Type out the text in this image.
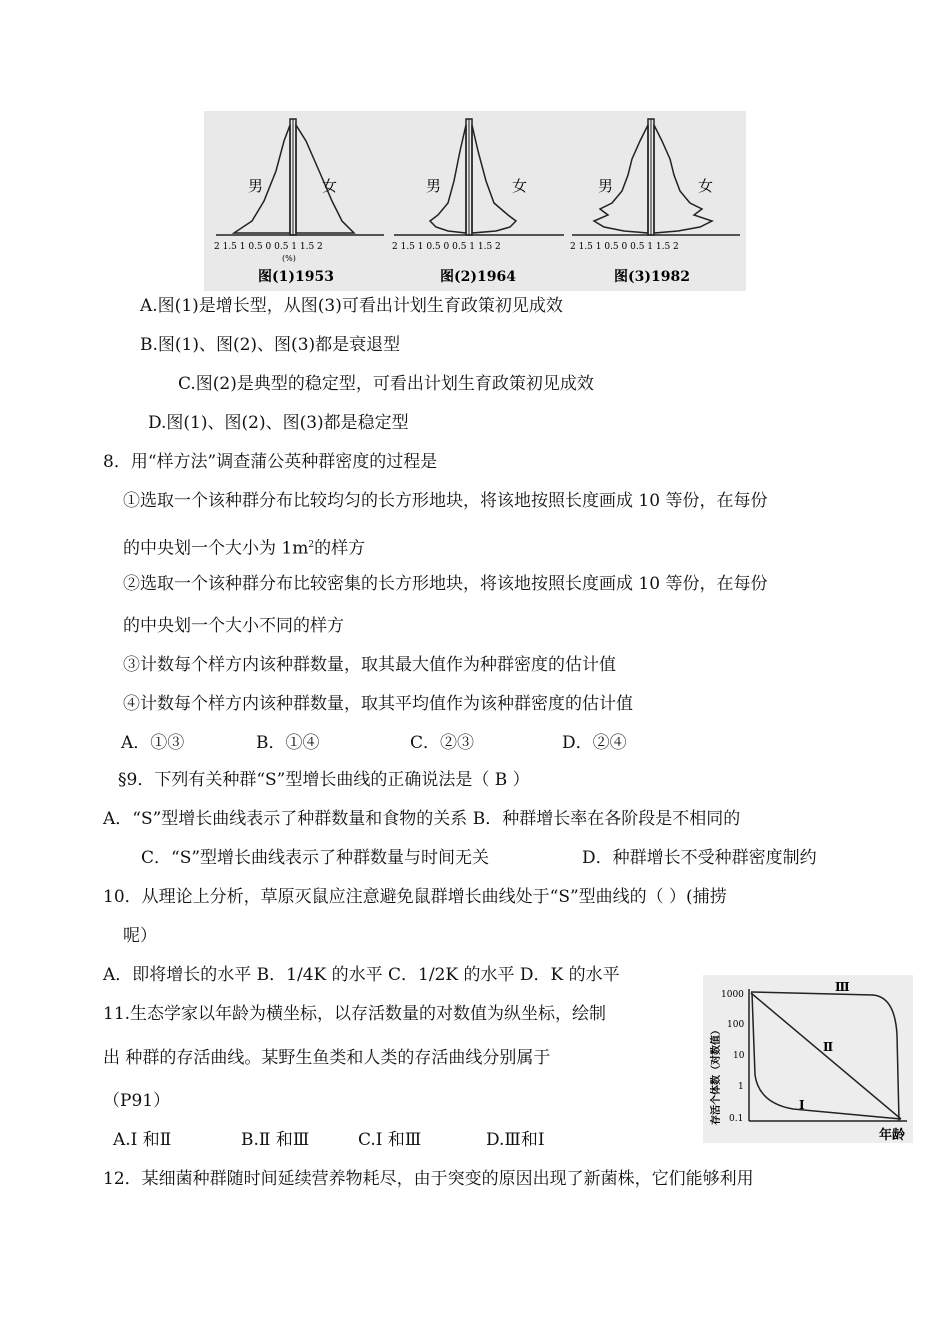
男	女
2 1.5 1 0.5 0 0.5 1 1.5 2
(%)
图(1)1953
男	女
2 1.5 1 0.5 0 0.5 1 1.5 2
图(2)1964
男	女
2 1.5 1 0.5 0 0.5 1 1.5 2
图(3)1982
A.图(1)是增长型，从图(3)可看出计划生育政策初见成效
B.图(1)、图(2)、图(3)都是衰退型
C.图(2)是典型的稳定型，可看出计划生育政策初见成效
D.图(1)、图(2)、图(3)都是稳定型
8．用“样方法”调查蒲公英种群密度的过程是
①选取一个该种群分布比较均匀的长方形地块，将该地按照长度画成 10 等份，在每份
的中央划一个大小为 $1m^2$的样方
②选取一个该种群分布比较密集的长方形地块，将该地按照长度画成 10 等份，在每份
的中央划一个大小不同的样方
③计数每个样方内该种群数量，取其最大值作为种群密度的估计值
④计数每个样方内该种群数量，取其平均值作为该种群密度的估计值
A．①③	B．①④	C．②③	D．②④
§9．下列有关种群“S”型增长曲线的正确说法是（ B ）
A．“S”型增长曲线表示了种群数量和食物的关系 B．种群增长率在各阶段是不相同的
C．“S”型增长曲线表示了种群数量与时间无关	D．种群增长不受种群密度制约
10．从理论上分析，草原灭鼠应注意避免鼠群增长曲线处于“S”型曲线的（ ）(捕捞
呢）
A．即将增长的水平 B．1/4K 的水平 C．1/2K 的水平 D．K 的水平
11.生态学家以年龄为横坐标，以存活数量的对数值为纵坐标，绘制
出 种群的存活曲线。某野生鱼类和人类的存活曲线分别属于
（P91）
A.Ⅰ 和Ⅱ	B.Ⅱ 和Ⅲ	C.Ⅰ 和Ⅲ	D.Ⅲ和Ⅰ
1000
100
10
1
0.1
存活个体数（对数值）
Ⅲ
Ⅱ
Ⅰ
年龄
12．某细菌种群随时间延续营养物耗尽，由于突变的原因出现了新菌株，它们能够利用
